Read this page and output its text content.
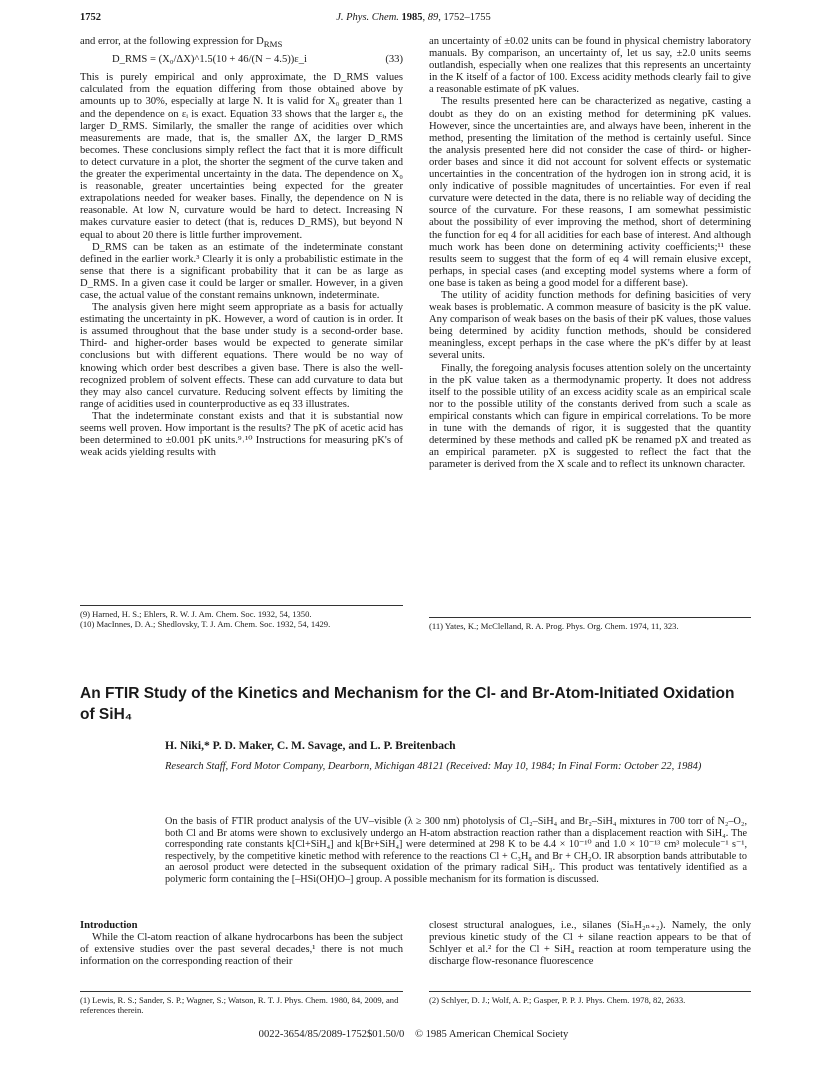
1752	J. Phys. Chem. 1985, 89, 1752–1755

and error, at the following expression for $D_{RMS}$

D_RMS = (X₀/ΔX)^1.5(10 + 46/(N − 4.5))ε_i	(33)

This is purely empirical and only approximate, the D_RMS values calculated from the equation differing from those obtained above by amounts up to 30%, especially at large N. It is valid for X₀ greater than 1 and the dependence on εᵢ is exact. Equation 33 shows that the larger εᵢ, the larger D_RMS. Similarly, the smaller the range of acidities over which measurements are made, that is, the smaller ΔX, the larger D_RMS becomes. These conclusions simply reflect the fact that it is more difficult to detect curvature in a plot, the shorter the segment of the curve taken and the greater the experimental uncertainty in the data. The dependence on X₀ is reasonable, greater uncertainties being expected for the greater extrapolations needed for weaker bases. Finally, the dependence on N is reasonable. At low N, curvature would be hard to detect. Increasing N makes curvature easier to detect (that is, reduces D_RMS), but beyond N equal to about 20 there is little further improvement.

D_RMS can be taken as an estimate of the indeterminate constant defined in the earlier work.³ Clearly it is only a probabilistic estimate in the sense that there is a significant probability that it can be as large as D_RMS. In a given case it could be larger or smaller. However, in a given case, the actual value of the constant remains unknown, indeterminate.

The analysis given here might seem appropriate as a basis for actually estimating the uncertainty in pK. However, a word of caution is in order. It is assumed throughout that the base under study is a second-order base. Third- and higher-order bases would be expected to generate similar conclusions but with different equations. There would be no way of knowing which order best describes a given base. There is also the well-recognized problem of solvent effects. These can add curvature to data but they may also cancel curvature. Reducing solvent effects by limiting the range of acidities used in counterproductive as eq 33 illustrates.

That the indeterminate constant exists and that it is substantial now seems well proven. How important is the results? The pK of acetic acid has been determined to ±0.001 pK units.⁹˒¹⁰ Instructions for measuring pK's of weak acids yielding results with

an uncertainty of ±0.02 units can be found in physical chemistry laboratory manuals. By comparison, an uncertainty of, let us say, ±2.0 units seems outlandish, especially when one realizes that this represents an uncertainty in the K itself of a factor of 100. Excess acidity methods clearly fail to give a reasonable estimate of pK values.

The results presented here can be characterized as negative, casting a doubt as they do on an existing method for determining pK values. However, since the uncertainties are, and always have been, inherent in the method, presenting the limitation of the method is certainly useful. Since the analysis presented here did not consider the case of third- or higher-order bases and since it did not account for solvent effects or systematic uncertainties in the concentration of the hydrogen ion in strong acid, it is only indicative of possible magnitudes of uncertainties. For even if real curvature were detected in the data, there is no reliable way of deciding the source of the curvature. For these reasons, I am somewhat pessimistic about the possibility of ever improving the method, short of determining the function for eq 4 for all acidities for each base of interest. And although much work has been done on determining activity coefficients;¹¹ these results seem to suggest that the form of eq 4 will remain elusive except, perhaps, in special cases (and excepting model systems where a form of one base is taken as being a good model for a different base).

The utility of acidity function methods for defining basicities of very weak bases is problematic. A common measure of basicity is the pK value. Any comparison of weak bases on the basis of their pK values, those values being determined by acidity function methods, should be considered meaningless, except perhaps in the case where the pK's differ by at least several units.

Finally, the foregoing analysis focuses attention solely on the uncertainty in the pK value taken as a thermodynamic property. It does not address itself to the possible utility of an excess acidity scale as an empirical scale nor to the possible utility of the constants derived from such a scale as empirical constants which can figure in empirical correlations. To be more in tune with the demands of rigor, it is suggested that the quantity determined by these methods and called pK be renamed pX and treated as an empirical parameter. pX is suggested to reflect the fact that the parameter is derived from the X scale and to reflect its unknown character.

(9) Harned, H. S.; Ehlers, R. W. J. Am. Chem. Soc. 1932, 54, 1350.
(10) MacInnes, D. A.; Shedlovsky, T. J. Am. Chem. Soc. 1932, 54, 1429.	(11) Yates, K.; McClelland, R. A. Prog. Phys. Org. Chem. 1974, 11, 323.
An FTIR Study of the Kinetics and Mechanism for the Cl- and Br-Atom-Initiated Oxidation of SiH₄
H. Niki,* P. D. Maker, C. M. Savage, and L. P. Breitenbach
Research Staff, Ford Motor Company, Dearborn, Michigan 48121 (Received: May 10, 1984; In Final Form: October 22, 1984)
On the basis of FTIR product analysis of the UV–visible (λ ≥ 300 nm) photolysis of Cl₂–SiH₄ and Br₂–SiH₄ mixtures in 700 torr of N₂–O₂, both Cl and Br atoms were shown to exclusively undergo an H-atom abstraction reaction rather than a displacement reaction with SiH₄. The corresponding rate constants k[Cl+SiH₄] and k[Br+SiH₄] were determined at 298 K to be 4.4 × 10⁻¹⁰ and 1.0 × 10⁻¹³ cm³ molecule⁻¹ s⁻¹, respectively, by the competitive kinetic method with reference to the reactions Cl + C₃H₈ and Br + CH₂O. IR absorption bands attributable to an aerosol product were detected in the subsequent oxidation of the primary radical SiH₃. This product was tentatively identified as a polymeric form containing the [–HSi(OH)O–] group. A possible mechanism for its formation is discussed.

Introduction

While the Cl-atom reaction of alkane hydrocarbons has been the subject of extensive studies over the past several decades,¹ there is not much information on the corresponding reaction of their

closest structural analogues, i.e., silanes (SiₙH₂ₙ₊₂). Namely, the only previous kinetic study of the Cl + silane reaction appears to be that of Schlyer et al.² for the Cl + SiH₄ reaction at room temperature using the discharge flow-resonance fluorescence

(1) Lewis, R. S.; Sander, S. P.; Wagner, S.; Watson, R. T. J. Phys. Chem. 1980, 84, 2009, and references therein.
(2) Schlyer, D. J.; Wolf, A. P.; Gasper, P. P. J. Phys. Chem. 1978, 82, 2633.
0022-3654/85/2089-1752$01.50/0 © 1985 American Chemical Society
